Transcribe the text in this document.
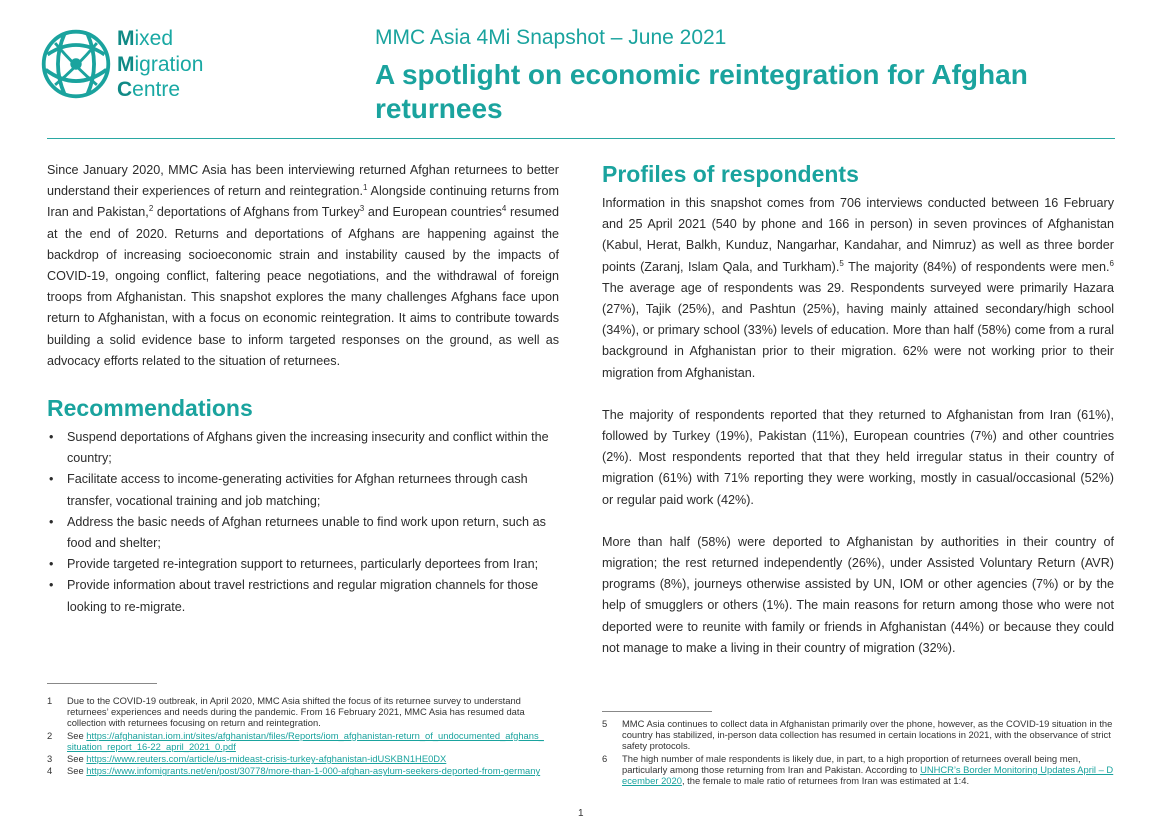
Mixed
Migration
Centre
MMC Asia 4Mi Snapshot – June 2021
A spotlight on economic reintegration for Afghan returnees

Since January 2020, MMC Asia has been interviewing returned Afghan returnees to better understand their experiences of return and reintegration.$^1$ Alongside continuing returns from Iran and Pakistan,$^2$ deportations of Afghans from Turkey$^3$ and European countries$^4$ resumed at the end of 2020. Returns and deportations of Afghans are happening against the backdrop of increasing socioeconomic strain and instability caused by the impacts of COVID-19, ongoing conflict, faltering peace negotiations, and the withdrawal of foreign troops from Afghanistan. This snapshot explores the many challenges Afghans face upon return to Afghanistan, with a focus on economic reintegration. It aims to contribute towards building a solid evidence base to inform targeted responses on the ground, as well as advocacy efforts related to the situation of returnees.

Recommendations
• Suspend deportations of Afghans given the increasing insecurity and conflict within the country;
• Facilitate access to income-generating activities for Afghan returnees through cash transfer, vocational training and job matching;
• Address the basic needs of Afghan returnees unable to find work upon return, such as food and shelter;
• Provide targeted re-integration support to returnees, particularly deportees from Iran;
• Provide information about travel restrictions and regular migration channels for those looking to re-migrate.
Profiles of respondents

Information in this snapshot comes from 706 interviews conducted between 16 February and 25 April 2021 (540 by phone and 166 in person) in seven provinces of Afghanistan (Kabul, Herat, Balkh, Kunduz, Nangarhar, Kandahar, and Nimruz) as well as three border points (Zaranj, Islam Qala, and Turkham).$^5$ The majority (84%) of respondents were men.$^6$ The average age of respondents was 29. Respondents surveyed were primarily Hazara (27%), Tajik (25%), and Pashtun (25%), having mainly attained secondary/high school (34%), or primary school (33%) levels of education. More than half (58%) come from a rural background in Afghanistan prior to their migration. 62% were not working prior to their migration from Afghanistan.

The majority of respondents reported that they returned to Afghanistan from Iran (61%), followed by Turkey (19%), Pakistan (11%), European countries (7%) and other countries (2%). Most respondents reported that that they held irregular status in their country of migration (61%) with 71% reporting they were working, mostly in casual/occasional (52%) or regular paid work (42%).

More than half (58%) were deported to Afghanistan by authorities in their country of migration; the rest returned independently (26%), under Assisted Voluntary Return (AVR) programs (8%), journeys otherwise assisted by UN, IOM or other agencies (7%) or by the help of smugglers or others (1%). The main reasons for return among those who were not deported were to reunite with family or friends in Afghanistan (44%) or because they could not manage to make a living in their country of migration (32%).

1 Due to the COVID-19 outbreak, in April 2020, MMC Asia shifted the focus of its returnee survey to understand returnees’ experiences and needs during the pandemic. From 16 February 2021, MMC Asia has resumed data collection with returnees focusing on return and reintegration.
2 See https://afghanistan.iom.int/sites/afghanistan/files/Reports/iom_afghanistan-return_of_undocumented_afghans_situation_report_16-22_april_2021_0.pdf
3 See https://www.reuters.com/article/us-mideast-crisis-turkey-afghanistan-idUSKBN1HE0DX
4 See https://www.infomigrants.net/en/post/30778/more-than-1-000-afghan-asylum-seekers-deported-from-germany
5 MMC Asia continues to collect data in Afghanistan primarily over the phone, however, as the COVID-19 situation in the country has stabilized, in-person data collection has resumed in certain locations in 2021, with the observance of strict safety protocols.
6 The high number of male respondents is likely due, in part, to a high proportion of returnees overall being men, particularly among those returning from Iran and Pakistan. According to UNHCR’s Border Monitoring Updates April – December 2020, the female to male ratio of returnees from Iran was estimated at 1:4.
1
